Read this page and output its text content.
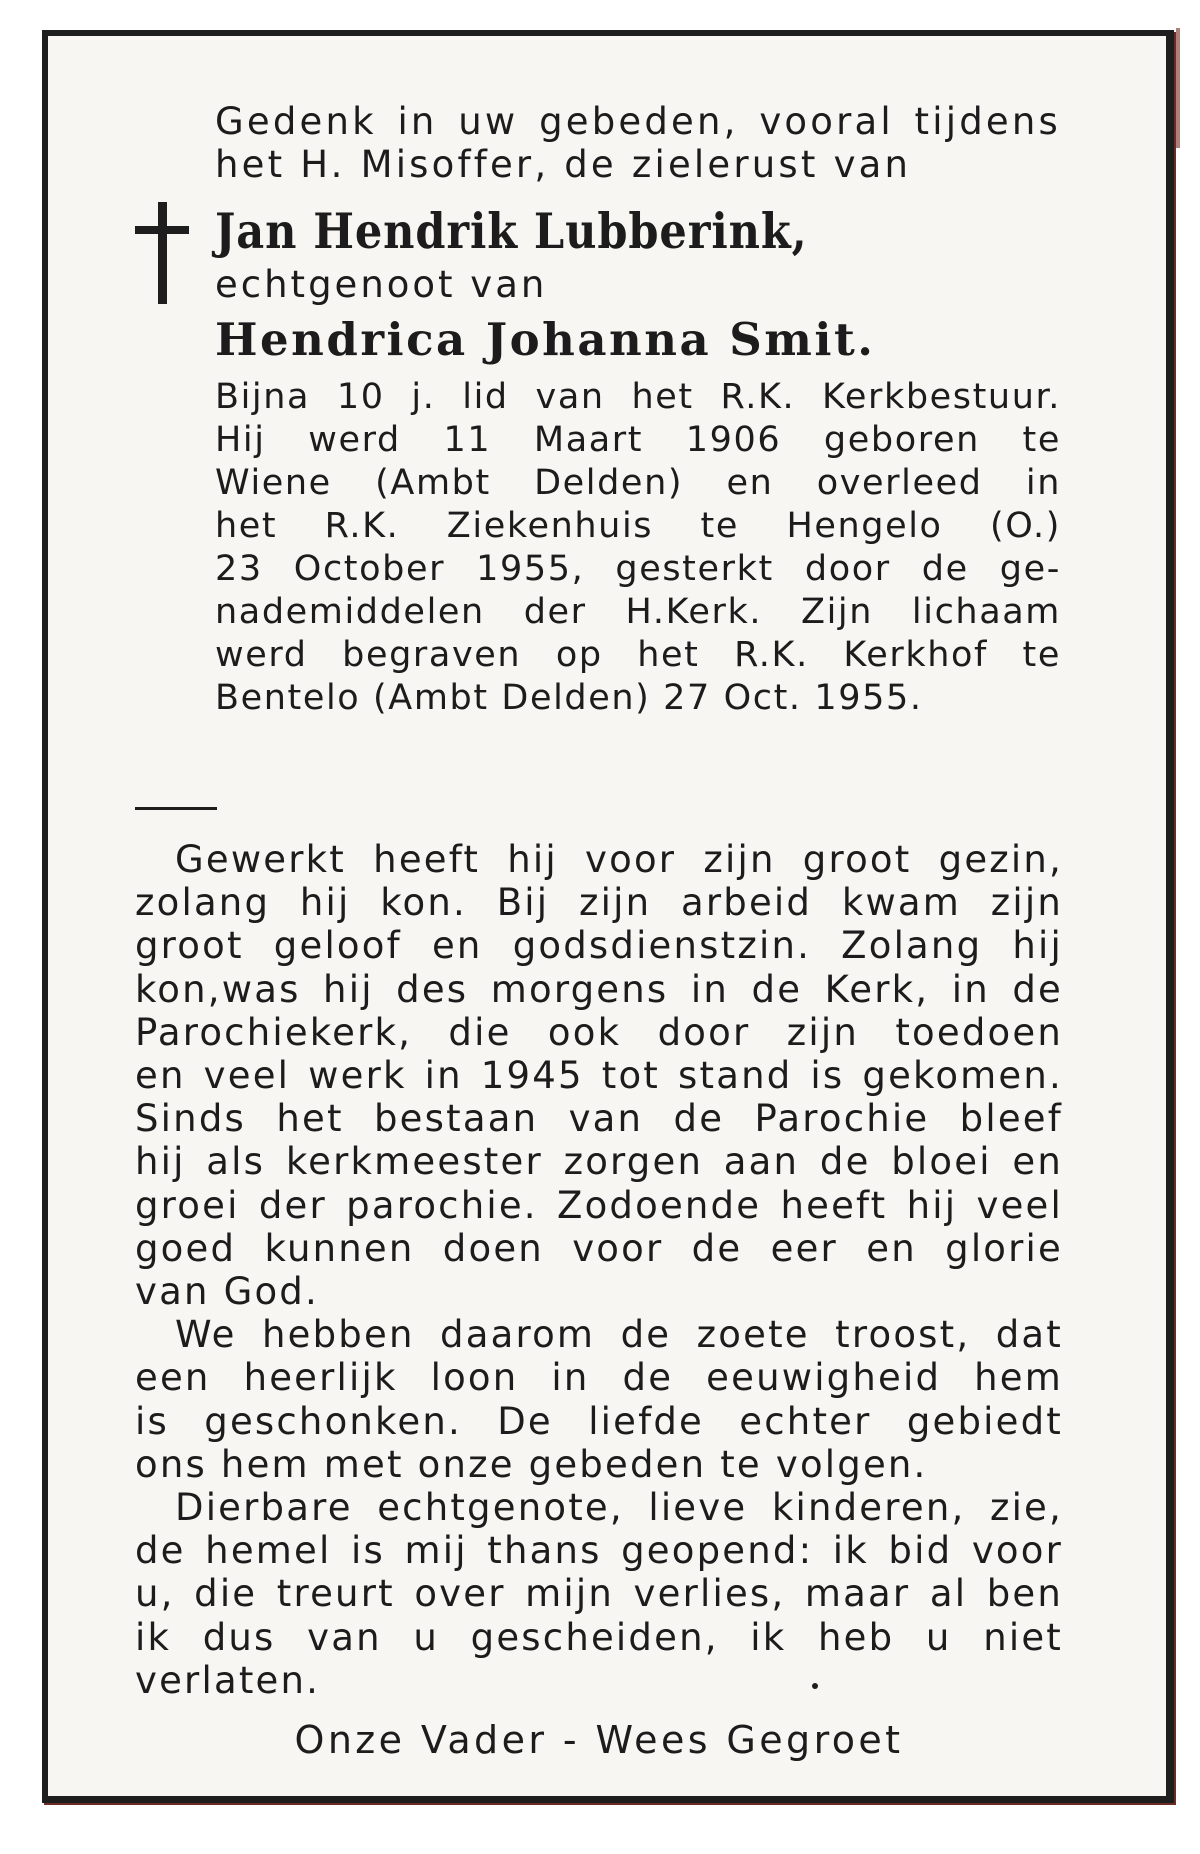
Gedenk in uw gebeden, vooral tijdens
het H. Misoffer, de zielerust van
Jan Hendrik Lubberink,
echtgenoot van
Hendrica Johanna Smit.
Bijna 10 j. lid van het R.K. Kerkbestuur.
Hij werd 11 Maart 1906 geboren te
Wiene (Ambt Delden) en overleed in
het R.K. Ziekenhuis te Hengelo (O.)
23 October 1955, gesterkt door de ge-
nademiddelen der H.Kerk. Zijn lichaam
werd begraven op het R.K. Kerkhof te
Bentelo (Ambt Delden) 27 Oct. 1955.
Gewerkt heeft hij voor zijn groot gezin,
zolang hij kon. Bij zijn arbeid kwam zijn
groot geloof en godsdienstzin. Zolang hij
kon,was hij des morgens in de Kerk, in de
Parochiekerk, die ook door zijn toedoen
en veel werk in 1945 tot stand is gekomen.
Sinds het bestaan van de Parochie bleef
hij als kerkmeester zorgen aan de bloei en
groei der parochie. Zodoende heeft hij veel
goed kunnen doen voor de eer en glorie
van God.
We hebben daarom de zoete troost, dat
een heerlijk loon in de eeuwigheid hem
is geschonken. De liefde echter gebiedt
ons hem met onze gebeden te volgen.
Dierbare echtgenote, lieve kinderen, zie,
de hemel is mij thans geopend: ik bid voor
u, die treurt over mijn verlies, maar al ben
ik dus van u gescheiden, ik heb u niet
verlaten.
Onze Vader - Wees Gegroet
